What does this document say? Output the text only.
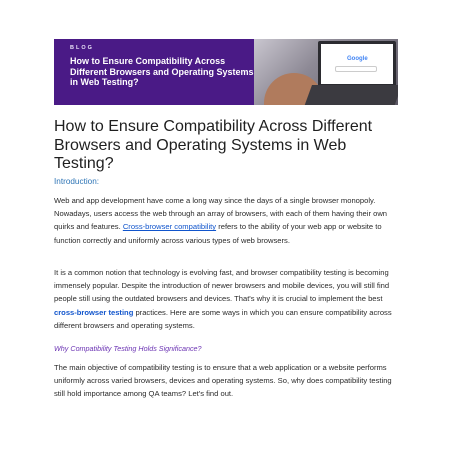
BLOG
How to Ensure Compatibility Across Different Browsers and Operating Systems in Web Testing?
Google
How to Ensure Compatibility Across Different Browsers and Operating Systems in Web Testing?
Introduction:
Web and app development have come a long way since the days of a single browser monopoly. Nowadays, users access the web through an array of browsers, with each of them having their own quirks and features. Cross-browser compatibility refers to the ability of your web app or website to function correctly and uniformly across various types of web browsers.
It is a common notion that technology is evolving fast, and browser compatibility testing is becoming immensely popular. Despite the introduction of newer browsers and mobile devices, you will still find people still using the outdated browsers and devices. That's why it is crucial to implement the best cross-browser testing practices. Here are some ways in which you can ensure compatibility across different browsers and operating systems.
Why Compatibility Testing Holds Significance?
The main objective of compatibility testing is to ensure that a web application or a website performs uniformly across varied browsers, devices and operating systems. So, why does compatibility testing still hold importance among QA teams? Let's find out.
